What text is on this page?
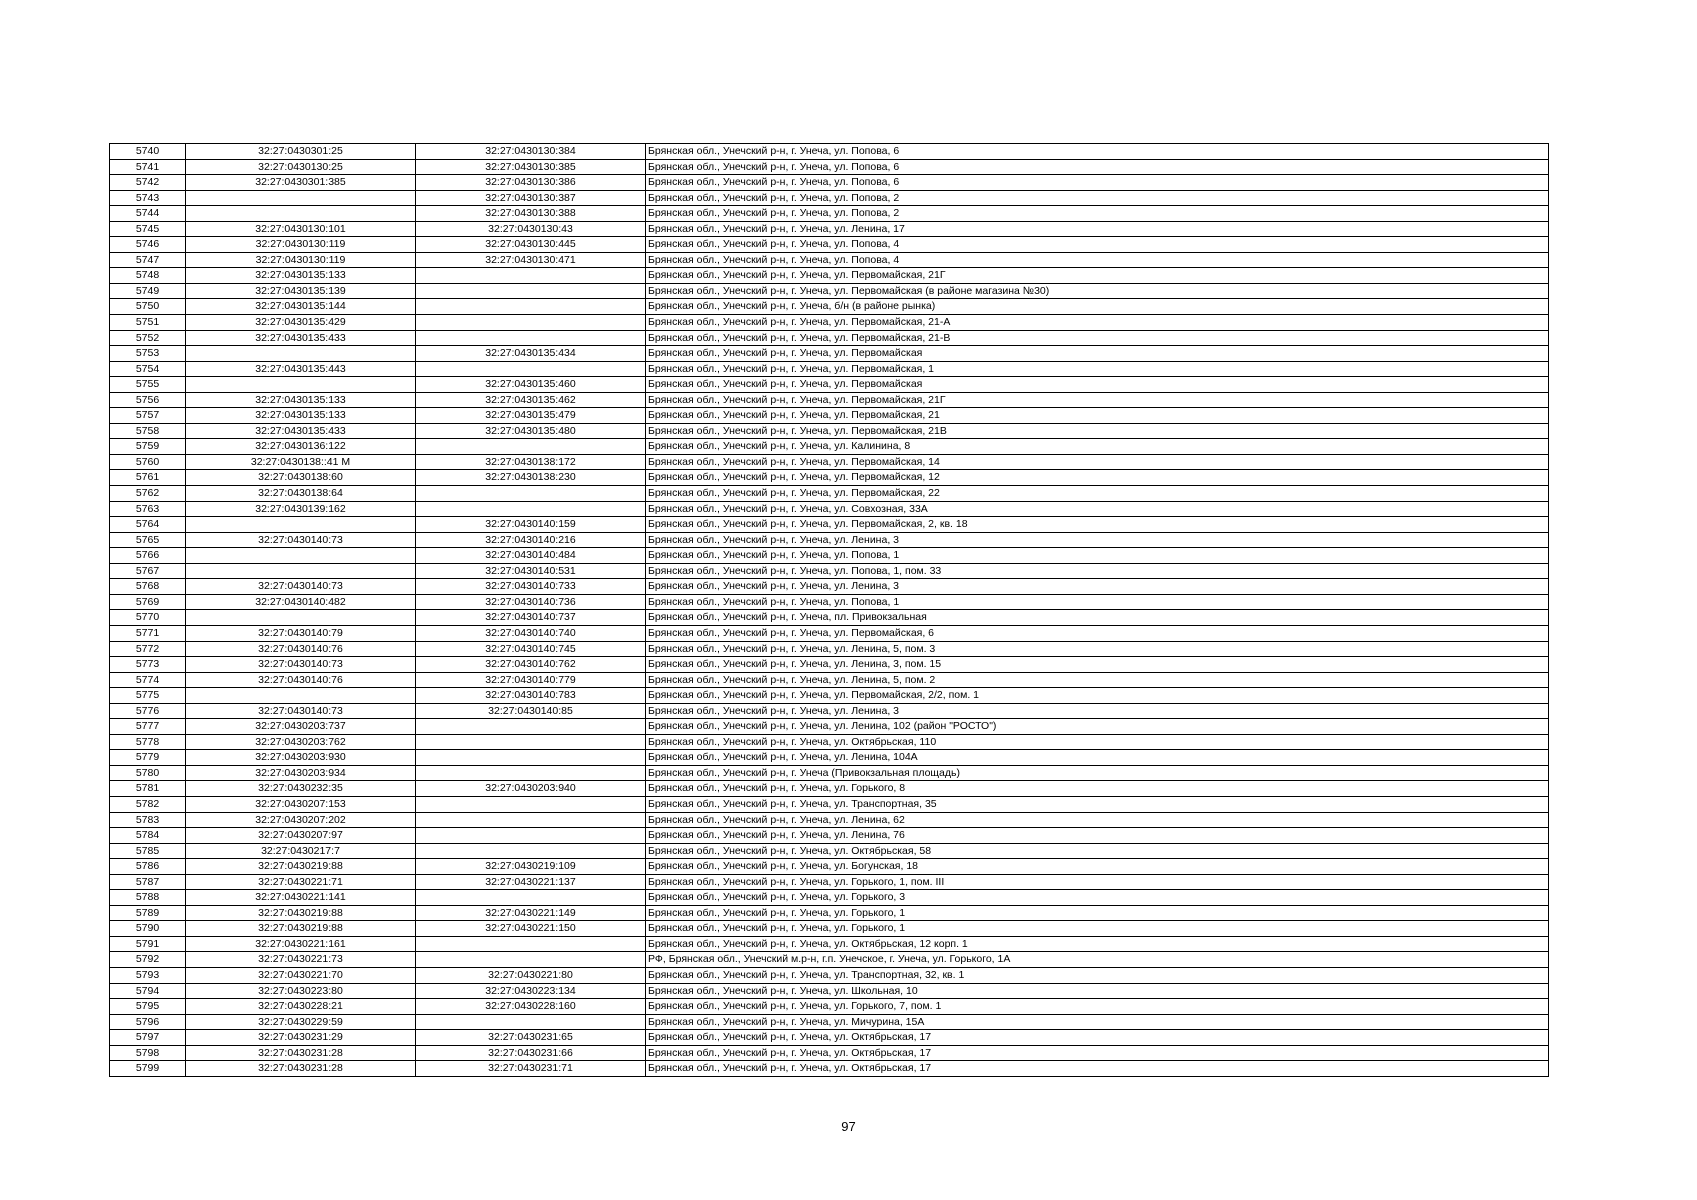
5740	32:27:0430301:25	32:27:0430130:384	Брянская обл., Унечский р-н, г. Унеча, ул. Попова, 6
5741	32:27:0430130:25	32:27:0430130:385	Брянская обл., Унечский р-н, г. Унеча, ул. Попова, 6
5742	32:27:0430301:385	32:27:0430130:386	Брянская обл., Унечский р-н, г. Унеча, ул. Попова, 6
5743		32:27:0430130:387	Брянская обл., Унечский р-н, г. Унеча, ул. Попова, 2
5744		32:27:0430130:388	Брянская обл., Унечский р-н, г. Унеча, ул. Попова, 2
5745	32:27:0430130:101	32:27:0430130:43	Брянская обл., Унечский р-н, г. Унеча, ул. Ленина, 17
5746	32:27:0430130:119	32:27:0430130:445	Брянская обл., Унечский р-н, г. Унеча, ул. Попова, 4
5747	32:27:0430130:119	32:27:0430130:471	Брянская обл., Унечский р-н, г. Унеча, ул. Попова, 4
5748	32:27:0430135:133		Брянская обл., Унечский р-н, г. Унеча, ул. Первомайская, 21Г
5749	32:27:0430135:139		Брянская обл., Унечский р-н, г. Унеча, ул. Первомайская (в районе магазина №30)
5750	32:27:0430135:144		Брянская обл., Унечский р-н, г. Унеча, б/н (в районе рынка)
5751	32:27:0430135:429		Брянская обл., Унечский р-н, г. Унеча, ул. Первомайская, 21-А
5752	32:27:0430135:433		Брянская обл., Унечский р-н, г. Унеча, ул. Первомайская, 21-В
5753		32:27:0430135:434	Брянская обл., Унечский р-н, г. Унеча, ул. Первомайская
5754	32:27:0430135:443		Брянская обл., Унечский р-н, г. Унеча, ул. Первомайская, 1
5755		32:27:0430135:460	Брянская обл., Унечский р-н, г. Унеча, ул. Первомайская
5756	32:27:0430135:133	32:27:0430135:462	Брянская обл., Унечский р-н, г. Унеча, ул. Первомайская, 21Г
5757	32:27:0430135:133	32:27:0430135:479	Брянская обл., Унечский р-н, г. Унеча, ул. Первомайская, 21
5758	32:27:0430135:433	32:27:0430135:480	Брянская обл., Унечский р-н, г. Унеча, ул. Первомайская, 21В
5759	32:27:0430136:122		Брянская обл., Унечский р-н, г. Унеча, ул. Калинина, 8
5760	32:27:0430138::41 М	32:27:0430138:172	Брянская обл., Унечский р-н, г. Унеча, ул. Первомайская, 14
5761	32:27:0430138:60	32:27:0430138:230	Брянская обл., Унечский р-н, г. Унеча, ул. Первомайская, 12
5762	32:27:0430138:64		Брянская обл., Унечский р-н, г. Унеча, ул. Первомайская, 22
5763	32:27:0430139:162		Брянская обл., Унечский р-н, г. Унеча, ул. Совхозная, 33А
5764		32:27:0430140:159	Брянская обл., Унечский р-н, г. Унеча, ул. Первомайская, 2, кв. 18
5765	32:27:0430140:73	32:27:0430140:216	Брянская обл., Унечский р-н, г. Унеча, ул. Ленина, 3
5766		32:27:0430140:484	Брянская обл., Унечский р-н, г. Унеча, ул. Попова, 1
5767		32:27:0430140:531	Брянская обл., Унечский р-н, г. Унеча, ул. Попова, 1, пом. 33
5768	32:27:0430140:73	32:27:0430140:733	Брянская обл., Унечский р-н, г. Унеча, ул. Ленина, 3
5769	32:27:0430140:482	32:27:0430140:736	Брянская обл., Унечский р-н, г. Унеча, ул. Попова, 1
5770		32:27:0430140:737	Брянская обл., Унечский р-н, г. Унеча, пл. Привокзальная
5771	32:27:0430140:79	32:27:0430140:740	Брянская обл., Унечский р-н, г. Унеча, ул. Первомайская, 6
5772	32:27:0430140:76	32:27:0430140:745	Брянская обл., Унечский р-н, г. Унеча, ул. Ленина, 5, пом. 3
5773	32:27:0430140:73	32:27:0430140:762	Брянская обл., Унечский р-н, г. Унеча, ул. Ленина, 3, пом. 15
5774	32:27:0430140:76	32:27:0430140:779	Брянская обл., Унечский р-н, г. Унеча, ул. Ленина, 5, пом. 2
5775		32:27:0430140:783	Брянская обл., Унечский р-н, г. Унеча, ул. Первомайская, 2/2, пом. 1
5776	32:27:0430140:73	32:27:0430140:85	Брянская обл., Унечский р-н, г. Унеча, ул. Ленина, 3
5777	32:27:0430203:737		Брянская обл., Унечский р-н, г. Унеча, ул. Ленина, 102 (район "РОСТО")
5778	32:27:0430203:762		Брянская обл., Унечский р-н, г. Унеча, ул. Октябрьская, 110
5779	32:27:0430203:930		Брянская обл., Унечский р-н, г. Унеча, ул. Ленина, 104А
5780	32:27:0430203:934		Брянская обл., Унечский р-н, г. Унеча (Привокзальная площадь)
5781	32:27:0430232:35	32:27:0430203:940	Брянская обл., Унечский р-н, г. Унеча, ул. Горького, 8
5782	32:27:0430207:153		Брянская обл., Унечский р-н, г. Унеча, ул. Транспортная, 35
5783	32:27:0430207:202		Брянская обл., Унечский р-н, г. Унеча, ул. Ленина, 62
5784	32:27:0430207:97		Брянская обл., Унечский р-н, г. Унеча, ул. Ленина, 76
5785	32:27:0430217:7		Брянская обл., Унечский р-н, г. Унеча, ул. Октябрьская, 58
5786	32:27:0430219:88	32:27:0430219:109	Брянская обл., Унечский р-н, г. Унеча, ул. Богунская, 18
5787	32:27:0430221:71	32:27:0430221:137	Брянская обл., Унечский р-н, г. Унеча, ул. Горького, 1, пом. III
5788	32:27:0430221:141		Брянская обл., Унечский р-н, г. Унеча, ул. Горького, 3
5789	32:27:0430219:88	32:27:0430221:149	Брянская обл., Унечский р-н, г. Унеча, ул. Горького, 1
5790	32:27:0430219:88	32:27:0430221:150	Брянская обл., Унечский р-н, г. Унеча, ул. Горького, 1
5791	32:27:0430221:161		Брянская обл., Унечский р-н, г. Унеча, ул. Октябрьская, 12 корп. 1
5792	32:27:0430221:73		РФ, Брянская обл., Унечский м.р-н, г.п. Унечское, г. Унеча, ул. Горького, 1А
5793	32:27:0430221:70	32:27:0430221:80	Брянская обл., Унечский р-н, г. Унеча, ул. Транспортная, 32, кв. 1
5794	32:27:0430223:80	32:27:0430223:134	Брянская обл., Унечский р-н, г. Унеча, ул. Школьная, 10
5795	32:27:0430228:21	32:27:0430228:160	Брянская обл., Унечский р-н, г. Унеча, ул. Горького, 7, пом. 1
5796	32:27:0430229:59		Брянская обл., Унечский р-н, г. Унеча, ул. Мичурина, 15А
5797	32:27:0430231:29	32:27:0430231:65	Брянская обл., Унечский р-н, г. Унеча, ул. Октябрьская, 17
5798	32:27:0430231:28	32:27:0430231:66	Брянская обл., Унечский р-н, г. Унеча, ул. Октябрьская, 17
5799	32:27:0430231:28	32:27:0430231:71	Брянская обл., Унечский р-н, г. Унеча, ул. Октябрьская, 17
97
